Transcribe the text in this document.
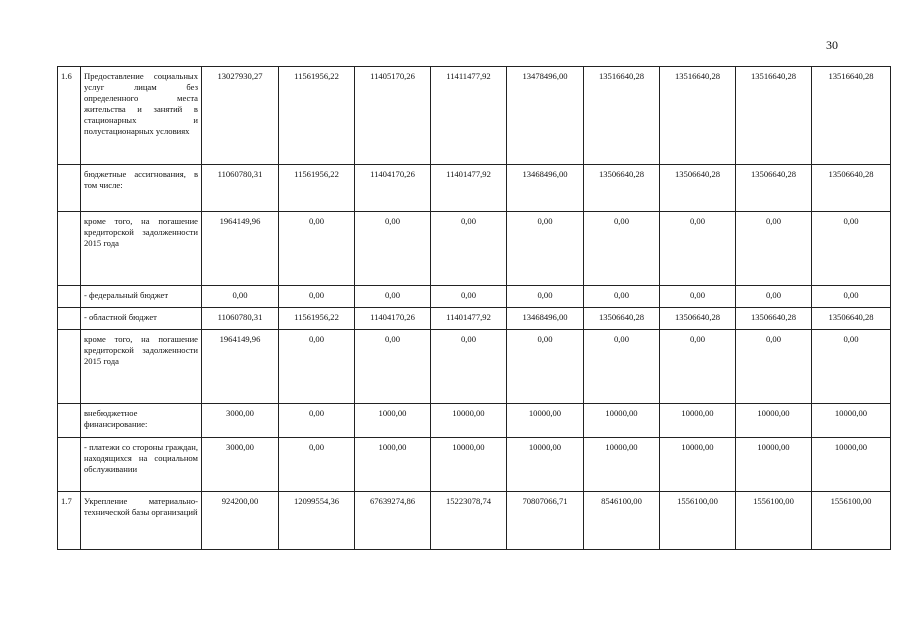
30
1.6	Предоставление социальных услуг лицам без определенного места жительства и занятий в стационарных и полустационарных условиях	13027930,27	11561956,22	11405170,26	11411477,92	13478496,00	13516640,28	13516640,28	13516640,28	13516640,28
	бюджетные ассигнования, в том числе:	11060780,31	11561956,22	11404170,26	11401477,92	13468496,00	13506640,28	13506640,28	13506640,28	13506640,28
	кроме того, на погашение кредиторской задолженности 2015 года	1964149,96	0,00	0,00	0,00	0,00	0,00	0,00	0,00	0,00
	- федеральный бюджет	0,00	0,00	0,00	0,00	0,00	0,00	0,00	0,00	0,00
	- областной бюджет	11060780,31	11561956,22	11404170,26	11401477,92	13468496,00	13506640,28	13506640,28	13506640,28	13506640,28
	кроме того, на погашение кредиторской задолженности 2015 года	1964149,96	0,00	0,00	0,00	0,00	0,00	0,00	0,00	0,00
	внебюджетное финансирование:	3000,00	0,00	1000,00	10000,00	10000,00	10000,00	10000,00	10000,00	10000,00
	- платежи со стороны граждан, находящихся на социальном обслуживании	3000,00	0,00	1000,00	10000,00	10000,00	10000,00	10000,00	10000,00	10000,00
1.7	Укрепление материально-технической базы организаций	924200,00	12099554,36	67639274,86	15223078,74	70807066,71	8546100,00	1556100,00	1556100,00	1556100,00
